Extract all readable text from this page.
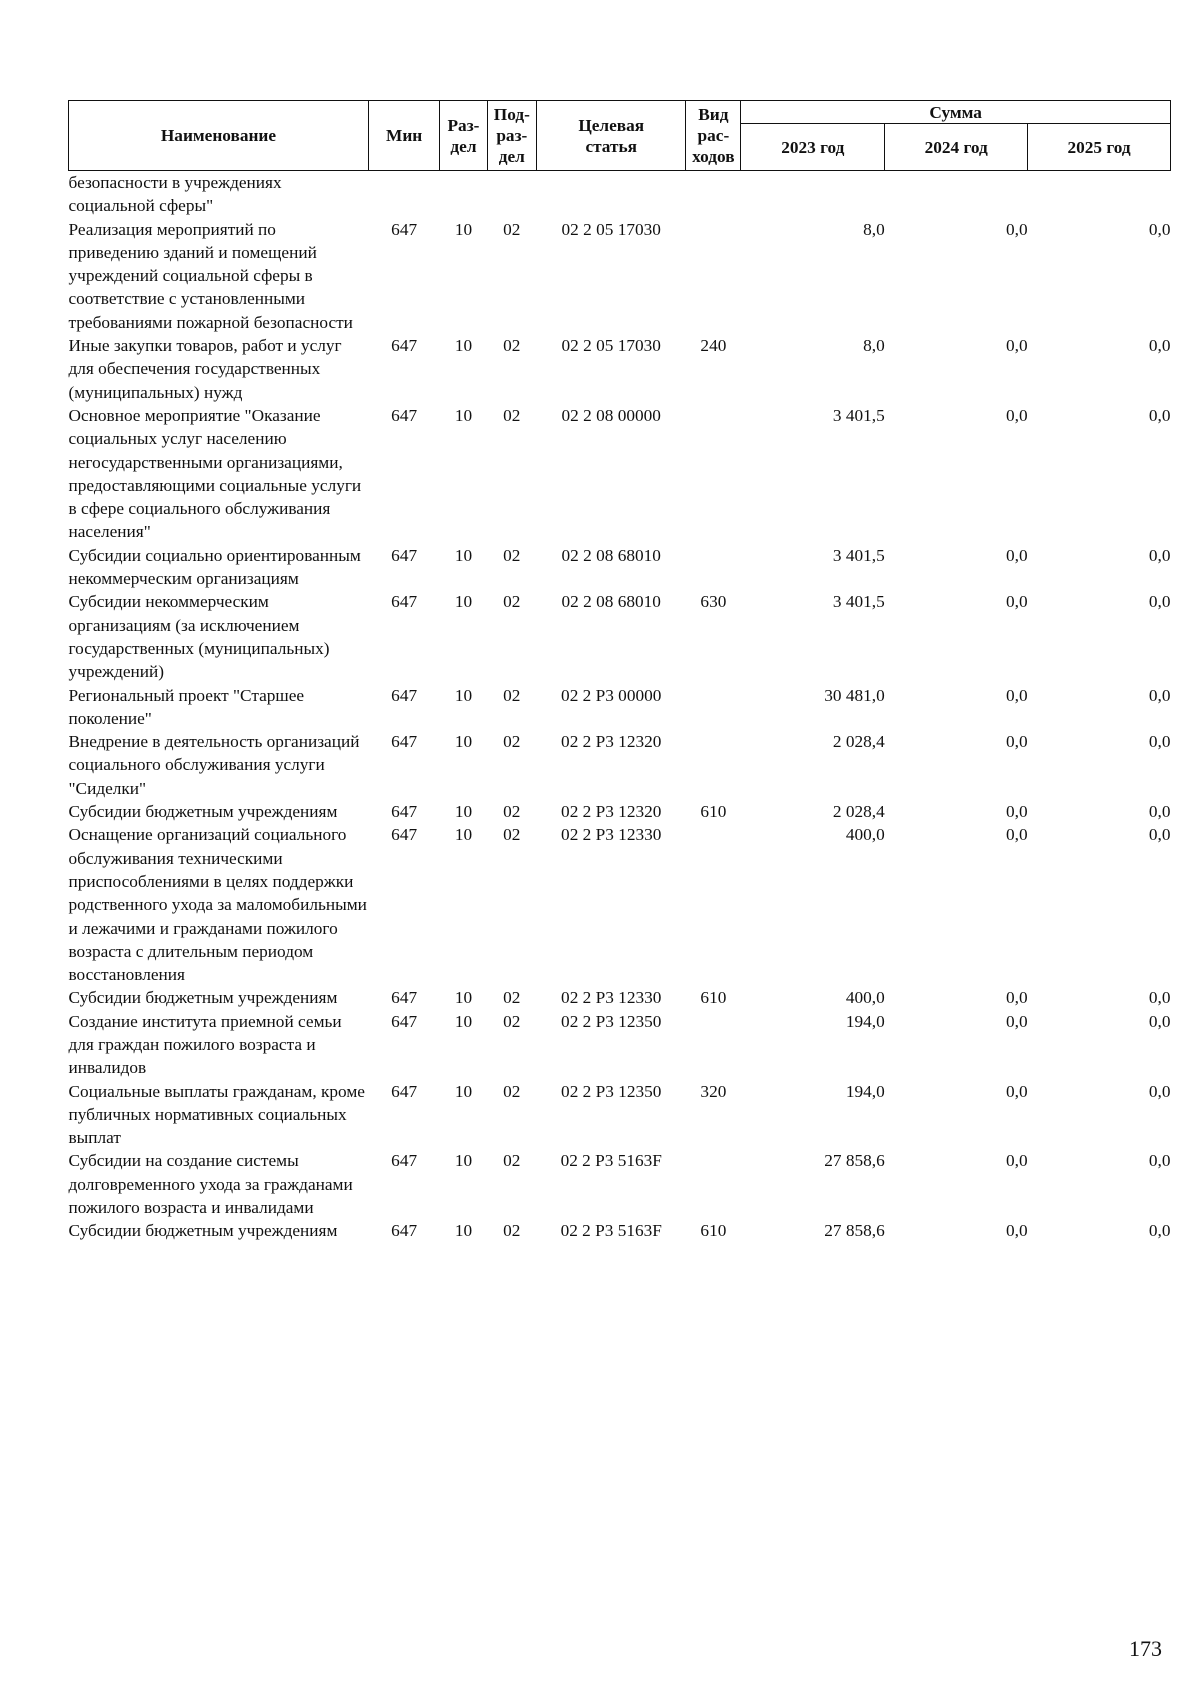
Наименование	Мин	Раз-
дел	Под-
раз-
дел	Целевая
статья	Вид
рас-
ходов	Сумма		
						2023 год	2024 год	2025 год
безопасности в учреждениях социальной сферы"								
Реализация мероприятий по приведению зданий и помещений учреждений социальной сферы в соответствие с установленными требованиями пожарной безопасности	647	10	02	02 2 05 17030		8,0	0,0	0,0
Иные закупки товаров, работ и услуг для обеспечения государственных (муниципальных) нужд	647	10	02	02 2 05 17030	240	8,0	0,0	0,0
Основное мероприятие "Оказание социальных услуг населению негосударственными организациями, предоставляющими социальные услуги в сфере социального обслуживания населения"	647	10	02	02 2 08 00000		3 401,5	0,0	0,0
Субсидии социально ориентированным некоммерческим организациям	647	10	02	02 2 08 68010		3 401,5	0,0	0,0
Субсидии некоммерческим организациям (за исключением государственных (муниципальных) учреждений)	647	10	02	02 2 08 68010	630	3 401,5	0,0	0,0
Региональный проект "Старшее поколение"	647	10	02	02 2 Р3 00000		30 481,0	0,0	0,0
Внедрение в деятельность организаций социального обслуживания услуги "Сиделки"	647	10	02	02 2 Р3 12320		2 028,4	0,0	0,0
Субсидии бюджетным учреждениям	647	10	02	02 2 Р3 12320	610	2 028,4	0,0	0,0
Оснащение организаций социального обслуживания техническими приспособлениями в целях поддержки родственного ухода за маломобильными и лежачими и гражданами пожилого возраста с длительным периодом восстановления	647	10	02	02 2 Р3 12330		400,0	0,0	0,0
Субсидии бюджетным учреждениям	647	10	02	02 2 Р3 12330	610	400,0	0,0	0,0
Создание института приемной семьи для граждан пожилого возраста и инвалидов	647	10	02	02 2 Р3 12350		194,0	0,0	0,0
Социальные выплаты гражданам, кроме публичных нормативных социальных выплат	647	10	02	02 2 Р3 12350	320	194,0	0,0	0,0
Субсидии на создание системы долговременного ухода за гражданами пожилого возраста и инвалидами	647	10	02	02 2 Р3 5163F		27 858,6	0,0	0,0
Субсидии бюджетным учреждениям	647	10	02	02 2 Р3 5163F	610	27 858,6	0,0	0,0
173
